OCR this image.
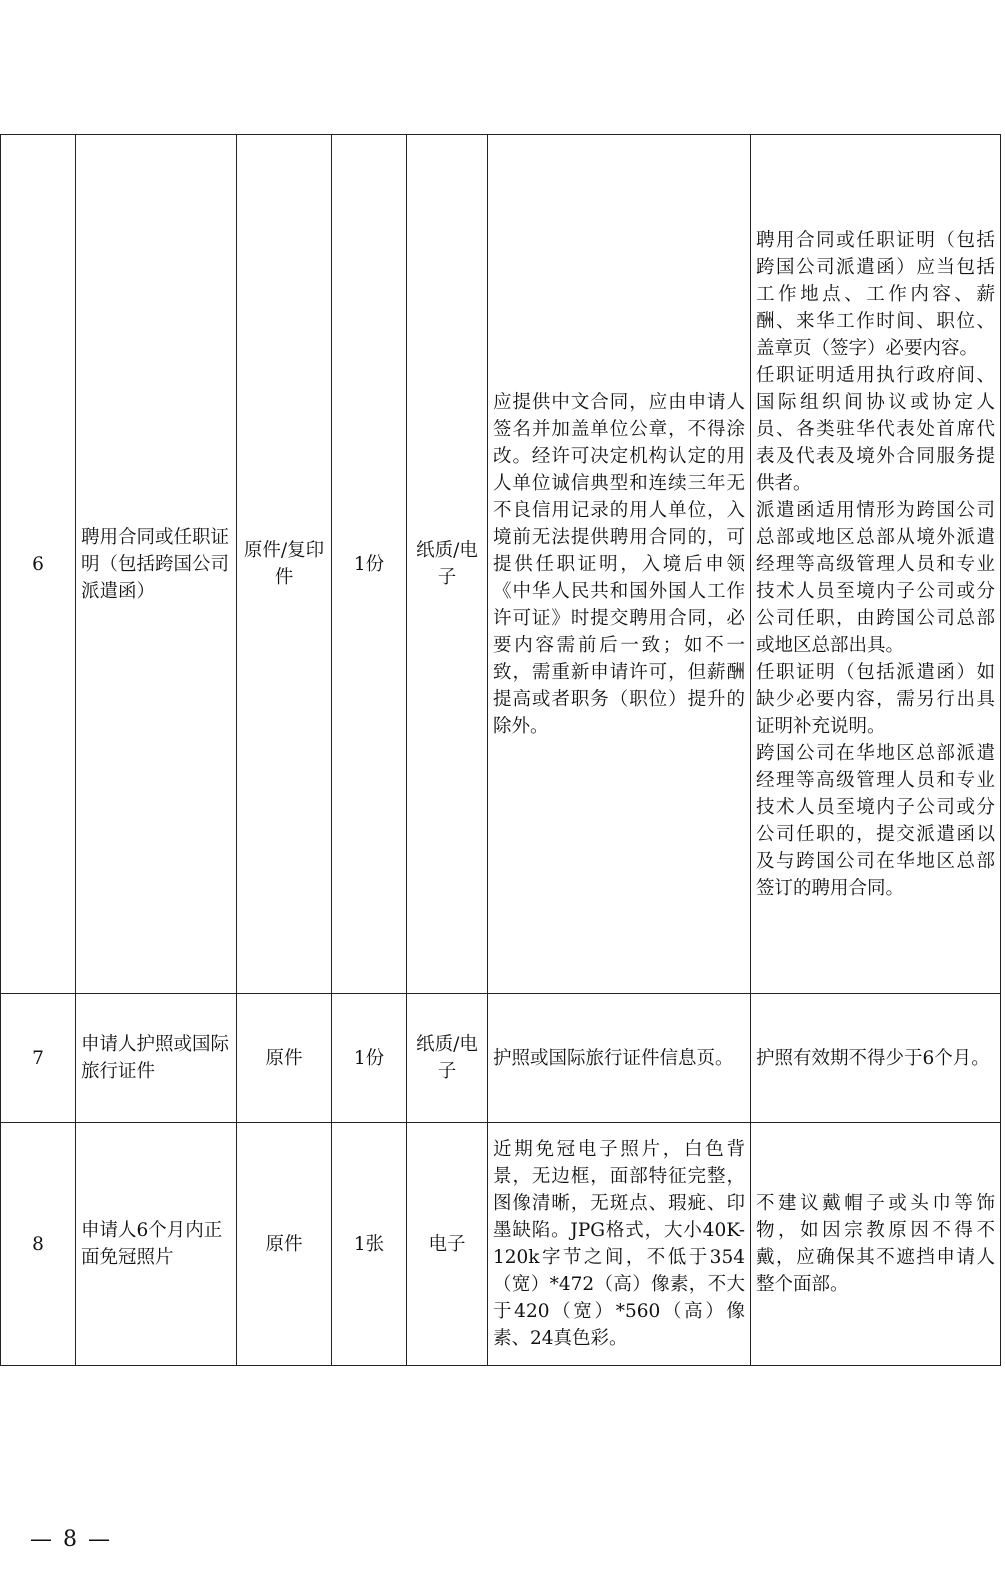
6	聘用合同或任职证明（包括跨国公司派遣函）	原件/复印件	1份	纸质/电子	应提供中文合同，应由申请人签名并加盖单位公章，不得涂改。经许可决定机构认定的用人单位诚信典型和连续三年无不良信用记录的用人单位，入境前无法提供聘用合同的，可提供任职证明，入境后申领《中华人民共和国外国人工作许可证》时提交聘用合同，必要内容需前后一致；如不一致，需重新申请许可，但薪酬提高或者职务（职位）提升的除外。	聘用合同或任职证明（包括跨国公司派遣函）应当包括工作地点、工作内容、薪酬、来华工作时间、职位、盖章页（签字）必要内容。

任职证明适用执行政府间、国际组织间协议或协定人员、各类驻华代表处首席代表及代表及境外合同服务提供者。

派遣函适用情形为跨国公司总部或地区总部从境外派遣经理等高级管理人员和专业技术人员至境内子公司或分公司任职，由跨国公司总部或地区总部出具。

任职证明（包括派遣函）如缺少必要内容，需另行出具证明补充说明。

跨国公司在华地区总部派遣经理等高级管理人员和专业技术人员至境内子公司或分公司任职的，提交派遣函以及与跨国公司在华地区总部签订的聘用合同。

7	申请人护照或国际旅行证件	原件	1份	纸质/电子	护照或国际旅行证件信息页。	护照有效期不得少于6个月。

8	申请人6个月内正面免冠照片	原件	1张	电子	近期免冠电子照片，白色背景，无边框，面部特征完整，图像清晰，无斑点、瑕疵、印墨缺陷。JPG格式，大小40K-120k字节之间，不低于354（宽）*472（高）像素，不大于420（宽）*560（高）像素、24真色彩。	不建议戴帽子或头巾等饰物，如因宗教原因不得不戴，应确保其不遮挡申请人整个面部。

— 8 —
